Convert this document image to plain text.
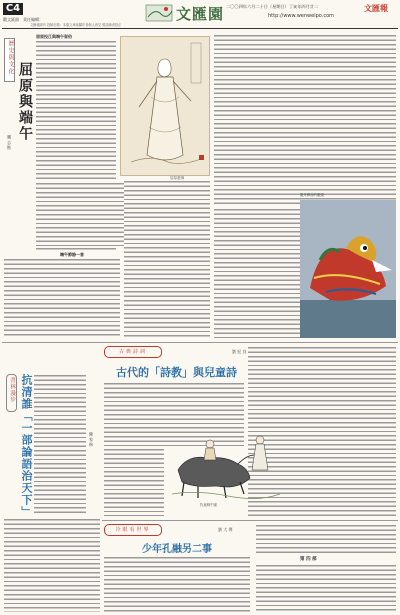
C4
觀文匯園　責任編輯：	文匯園 二〇〇四年六月二十日（星期日）丁亥年四月廿二
http://www.wenweipo.com
文匯報
文匯報副刊 投稿信箱：本版文章純屬作者個人意見 敬請讀者指正
歷史與文化
屈原與端午
龔 志 衡
屈原投江與端午習俗
屈原畫像
端午節詩一首
龍舟賽前的龍頭
古典詩詞	劉 紀 良
古代的「詩教」與兒童詩
牧童騎牛圖
書林漫步 抗清誰「一部論語治天下」	陳 家 修
冷眼看世界	劉 大 傳
少年孔融另二事
第 四 部
